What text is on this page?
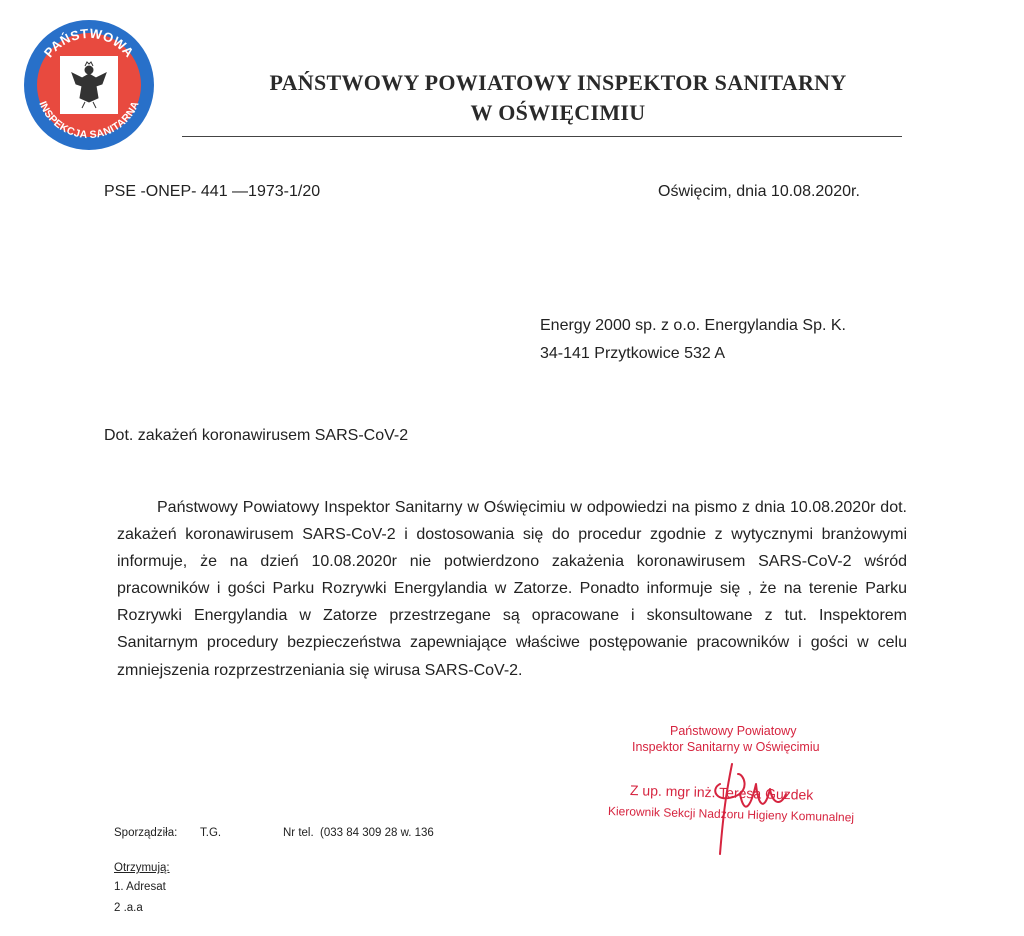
PAŃSTWOWA
INSPEKCJA SANITARNA
PAŃSTWOWY POWIATOWY INSPEKTOR SANITARNY
W OŚWIĘCIMIU
PSE -ONEP- 441 —1973-1/20	Oświęcim, dnia 10.08.2020r.
Energy 2000 sp. z o.o. Energylandia Sp. K.
34-141 Przytkowice 532 A
Dot. zakażeń koronawirusem SARS-CoV-2
Państwowy Powiatowy Inspektor Sanitarny w Oświęcimiu w odpowiedzi na pismo z dnia 10.08.2020r dot. zakażeń koronawirusem SARS-CoV-2 i dostosowania się do procedur zgodnie z wytycznymi branżowymi informuje, że na dzień 10.08.2020r nie potwierdzono zakażenia koronawirusem SARS-CoV-2 wśród pracowników i gości Parku Rozrywki Energylandia w Zatorze. Ponadto informuje się , że na terenie Parku Rozrywki Energylandia w Zatorze przestrzegane są opracowane i skonsultowane z tut. Inspektorem Sanitarnym procedury bezpieczeństwa zapewniające właściwe postępowanie pracowników i gości w celu zmniejszenia rozprzestrzeniania się wirusa SARS-CoV-2.
Państwowy Powiatowy
Inspektor Sanitarny w Oświęcimiu
Z up. mgr inż. Teresa Guzdek
Kierownik Sekcji Nadzoru Higieny Komunalnej
Sporządziła: T.G.	Nr tel. (033 84 309 28 w. 136
Otrzymują:
1. Adresat
2 .a.a
